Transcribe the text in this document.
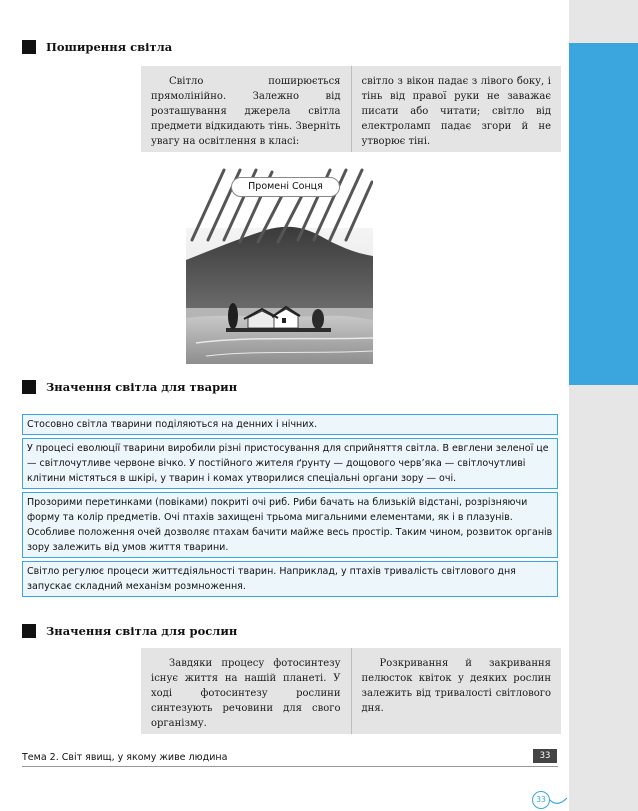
Поширення світла
Світло поширюється прямолінійно. Залежно від розташування джерела світла предмети відкидають тінь. Зверніть увагу на освітлення в класі:
світло з вікон падає з лівого боку, і тінь від правої руки не заважає писати або читати; світло від електроламп падає згори й не утворює тіні.
Промені Сонця
Значення світла для тварин
Стосовно світла тварини поділяються на денних і нічних.
У процесі еволюції тварини виробили різні пристосування для сприйняття світла. В евглени зеленої це — світлочутливе червоне вічко. У постійного жителя ґрунту — дощового черв’яка — світлочутливі клітини містяться в шкірі, у тварин і комах утворилися спеціальні органи зору — очі.
Прозорими перетинками (повіками) покриті очі риб. Риби бачать на близькій відстані, розрізняючи форму та колір предметів. Очі птахів захищені трьома мигальними елементами, як і в плазунів. Особливе положення очей дозволяє птахам бачити майже весь простір. Таким чином, розвиток органів зору залежить від умов життя тварини.
Світло регулює процеси життєдіяльності тварин. Наприклад, у птахів тривалість світлового дня запускає складний механізм розмноження.
Значення світла для рослин
Завдяки процесу фотосинтезу існує життя на нашій планеті. У ході фотосинтезу рослини синтезують речовини для свого організму.
Розкривання й закривання пелюсток квіток у деяких рослин залежить від тривалості світлового дня.
Тема 2. Світ явищ, у якому живе людина	33
33
